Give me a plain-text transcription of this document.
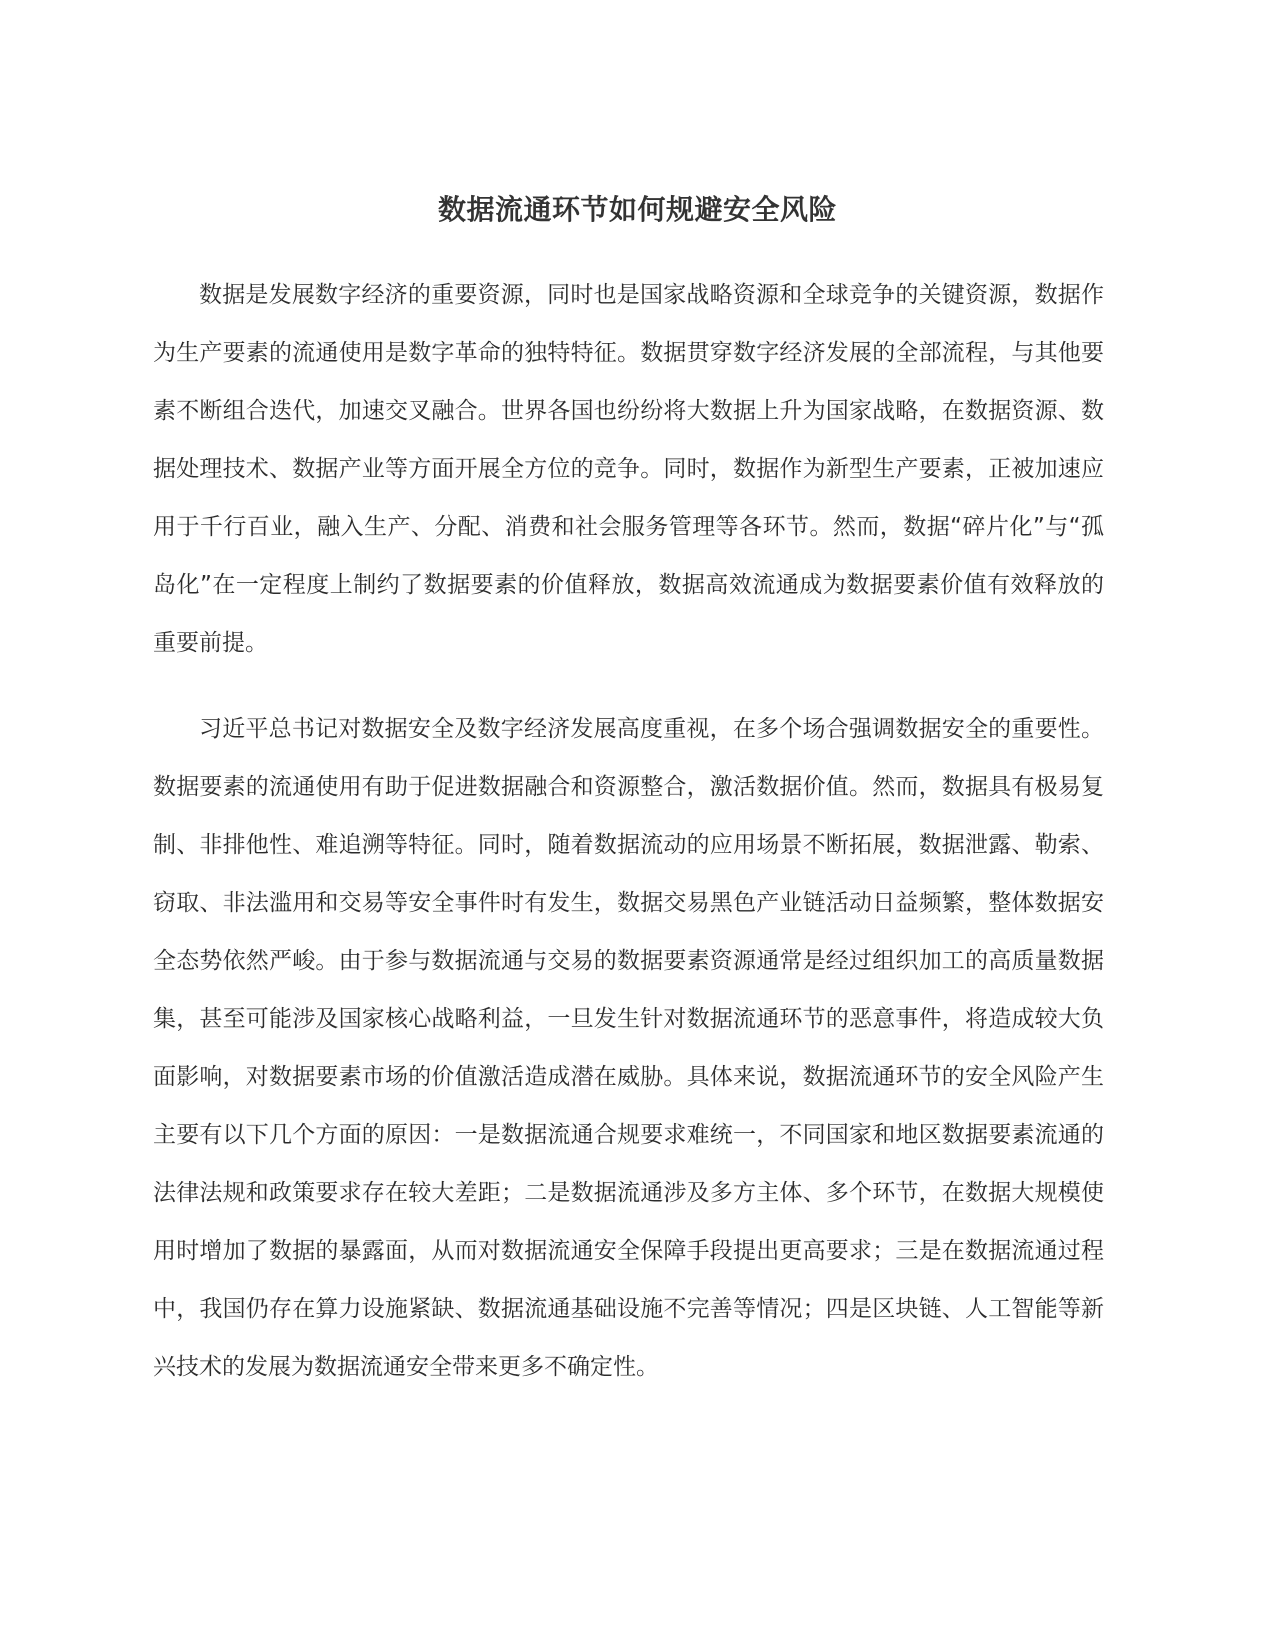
数据流通环节如何规避安全风险

数据是发展数字经济的重要资源，同时也是国家战略资源和全球竞争的关键资源，数据作为生产要素的流通使用是数字革命的独特特征。数据贯穿数字经济发展的全部流程，与其他要素不断组合迭代，加速交叉融合。世界各国也纷纷将大数据上升为国家战略，在数据资源、数据处理技术、数据产业等方面开展全方位的竞争。同时，数据作为新型生产要素，正被加速应用于千行百业，融入生产、分配、消费和社会服务管理等各环节。然而，数据“碎片化”与“孤岛化”在一定程度上制约了数据要素的价值释放，数据高效流通成为数据要素价值有效释放的重要前提。

习近平总书记对数据安全及数字经济发展高度重视，在多个场合强调数据安全的重要性。数据要素的流通使用有助于促进数据融合和资源整合，激活数据价值。然而，数据具有极易复制、非排他性、难追溯等特征。同时，随着数据流动的应用场景不断拓展，数据泄露、勒索、窃取、非法滥用和交易等安全事件时有发生，数据交易黑色产业链活动日益频繁，整体数据安全态势依然严峻。由于参与数据流通与交易的数据要素资源通常是经过组织加工的高质量数据集，甚至可能涉及国家核心战略利益，一旦发生针对数据流通环节的恶意事件，将造成较大负面影响，对数据要素市场的价值激活造成潜在威胁。具体来说，数据流通环节的安全风险产生主要有以下几个方面的原因：一是数据流通合规要求难统一，不同国家和地区数据要素流通的法律法规和政策要求存在较大差距；二是数据流通涉及多方主体、多个环节，在数据大规模使用时增加了数据的暴露面，从而对数据流通安全保障手段提出更高要求；三是在数据流通过程中，我国仍存在算力设施紧缺、数据流通基础设施不完善等情况；四是区块链、人工智能等新兴技术的发展为数据流通安全带来更多不确定性。
